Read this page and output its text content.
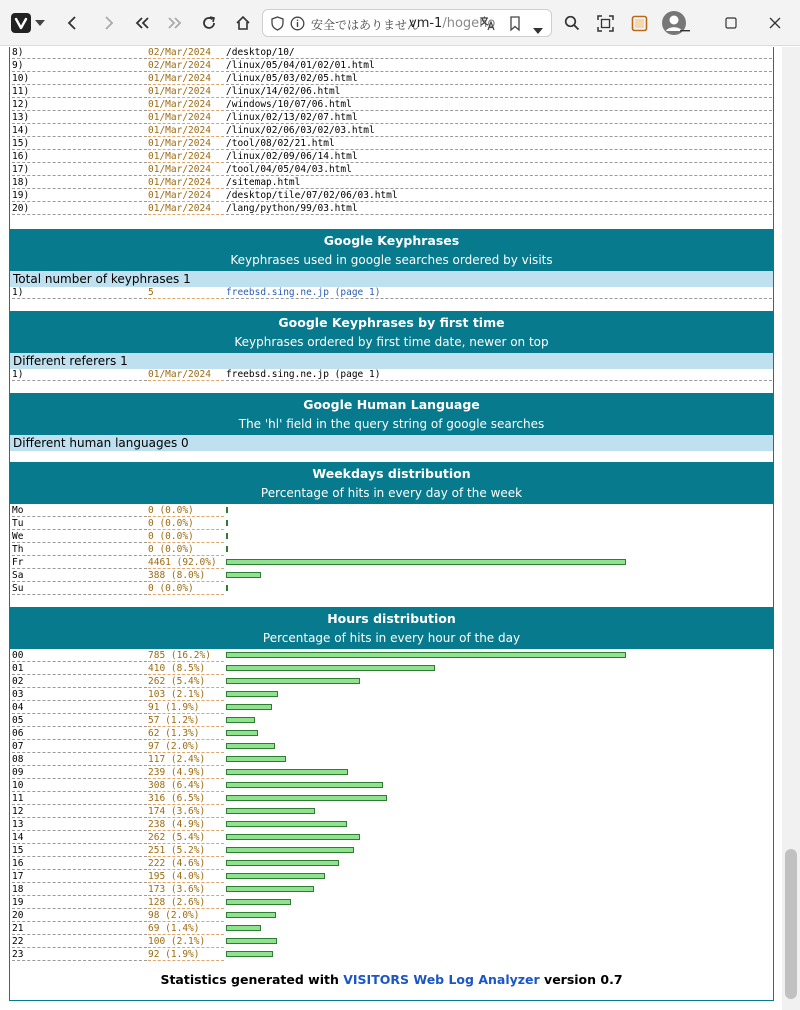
安全ではありません
vm-1/hogeho
8)	02/Mar/2024	/desktop/10/
9)	02/Mar/2024	/linux/05/04/01/02/01.html
10)	01/Mar/2024	/linux/05/03/02/05.html
11)	01/Mar/2024	/linux/14/02/06.html
12)	01/Mar/2024	/windows/10/07/06.html
13)	01/Mar/2024	/linux/02/13/02/07.html
14)	01/Mar/2024	/linux/02/06/03/02/03.html
15)	01/Mar/2024	/tool/08/02/21.html
16)	01/Mar/2024	/linux/02/09/06/14.html
17)	01/Mar/2024	/tool/04/05/04/03.html
18)	01/Mar/2024	/sitemap.html
19)	01/Mar/2024	/desktop/tile/07/02/06/03.html
20)	01/Mar/2024	/lang/python/99/03.html
Google Keyphrases
Keyphrases used in google searches ordered by visits
Total number of keyphrases 1
1)	5	freebsd.sing.ne.jp (page 1)
Google Keyphrases by first time
Keyphrases ordered by first time date, newer on top
Different referers 1
1)	01/Mar/2024	freebsd.sing.ne.jp (page 1)
Google Human Language
The 'hl' field in the query string of google searches
Different human languages 0
Weekdays distribution
Percentage of hits in every day of the week
Mo	0 (0.0%)
Tu	0 (0.0%)
We	0 (0.0%)
Th	0 (0.0%)
Fr	4461 (92.0%)
Sa	388 (8.0%)
Su	0 (0.0%)
Hours distribution
Percentage of hits in every hour of the day
00	785 (16.2%)
01	410 (8.5%)
02	262 (5.4%)
03	103 (2.1%)
04	91 (1.9%)
05	57 (1.2%)
06	62 (1.3%)
07	97 (2.0%)
08	117 (2.4%)
09	239 (4.9%)
10	308 (6.4%)
11	316 (6.5%)
12	174 (3.6%)
13	238 (4.9%)
14	262 (5.4%)
15	251 (5.2%)
16	222 (4.6%)
17	195 (4.0%)
18	173 (3.6%)
19	128 (2.6%)
20	98 (2.0%)
21	69 (1.4%)
22	100 (2.1%)
23	92 (1.9%)
Statistics generated with VISITORS Web Log Analyzer version 0.7
